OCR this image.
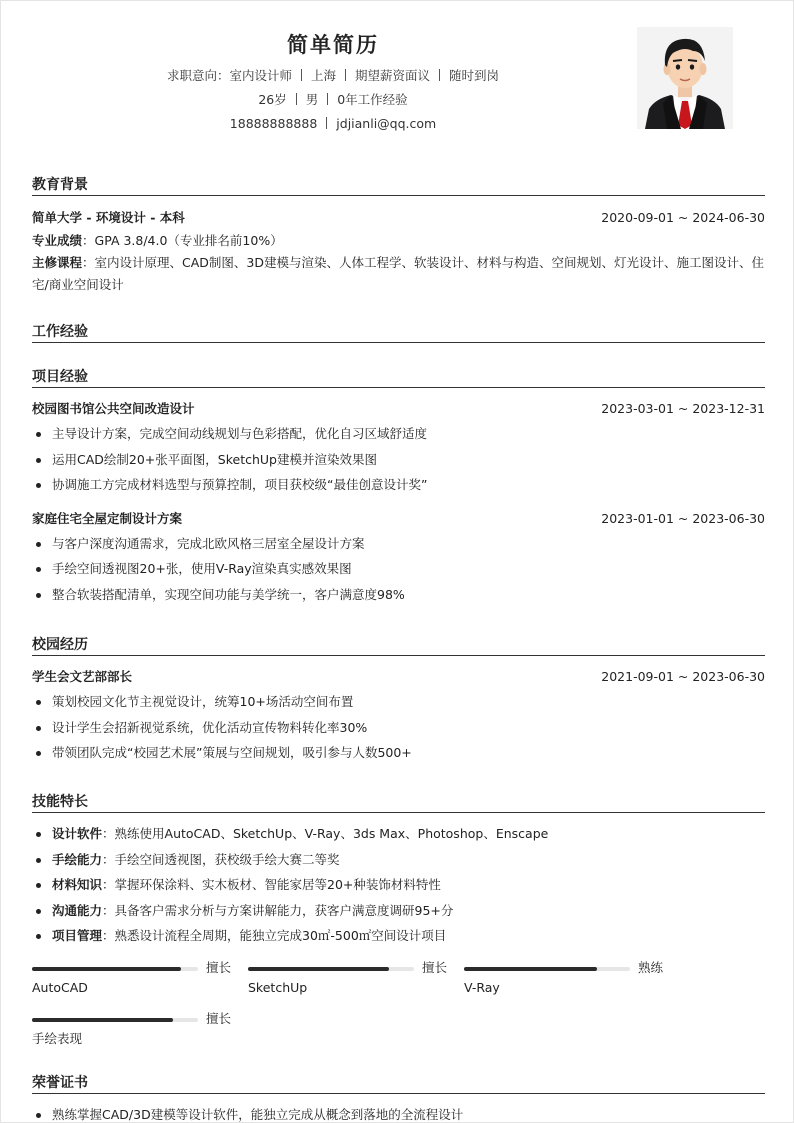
简单简历
求职意向：室内设计师 上海 期望薪资面议 随时到岗
26岁 男 0年工作经验
18888888888 jdjianli@qq.com
教育背景
简单大学 - 环境设计 - 本科	2020-09-01 ~ 2024-06-30
专业成绩：GPA 3.8/4.0（专业排名前10%）
主修课程：室内设计原理、CAD制图、3D建模与渲染、人体工程学、软装设计、材料与构造、空间规划、灯光设计、施工图设计、住宅/商业空间设计
工作经验
项目经验
校园图书馆公共空间改造设计	2023-03-01 ~ 2023-12-31
主导设计方案，完成空间动线规划与色彩搭配，优化自习区域舒适度
运用CAD绘制20+张平面图，SketchUp建模并渲染效果图
协调施工方完成材料选型与预算控制，项目获校级“最佳创意设计奖”
家庭住宅全屋定制设计方案	2023-01-01 ~ 2023-06-30
与客户深度沟通需求，完成北欧风格三居室全屋设计方案
手绘空间透视图20+张，使用V-Ray渲染真实感效果图
整合软装搭配清单，实现空间功能与美学统一，客户满意度98%
校园经历
学生会文艺部部长	2021-09-01 ~ 2023-06-30
策划校园文化节主视觉设计，统筹10+场活动空间布置
设计学生会招新视觉系统，优化活动宣传物料转化率30%
带领团队完成“校园艺术展”策展与空间规划，吸引参与人数500+
技能特长
设计软件：熟练使用AutoCAD、SketchUp、V-Ray、3ds Max、Photoshop、Enscape
手绘能力：手绘空间透视图，获校级手绘大赛二等奖
材料知识：掌握环保涂料、实木板材、智能家居等20+种装饰材料特性
沟通能力：具备客户需求分析与方案讲解能力，获客户满意度调研95+分
项目管理：熟悉设计流程全周期，能独立完成30㎡-500㎡空间设计项目
擅长
AutoCAD
擅长
SketchUp
熟练
V-Ray
擅长
手绘表现
荣誉证书
熟练掌握CAD/3D建模等设计软件，能独立完成从概念到落地的全流程设计
